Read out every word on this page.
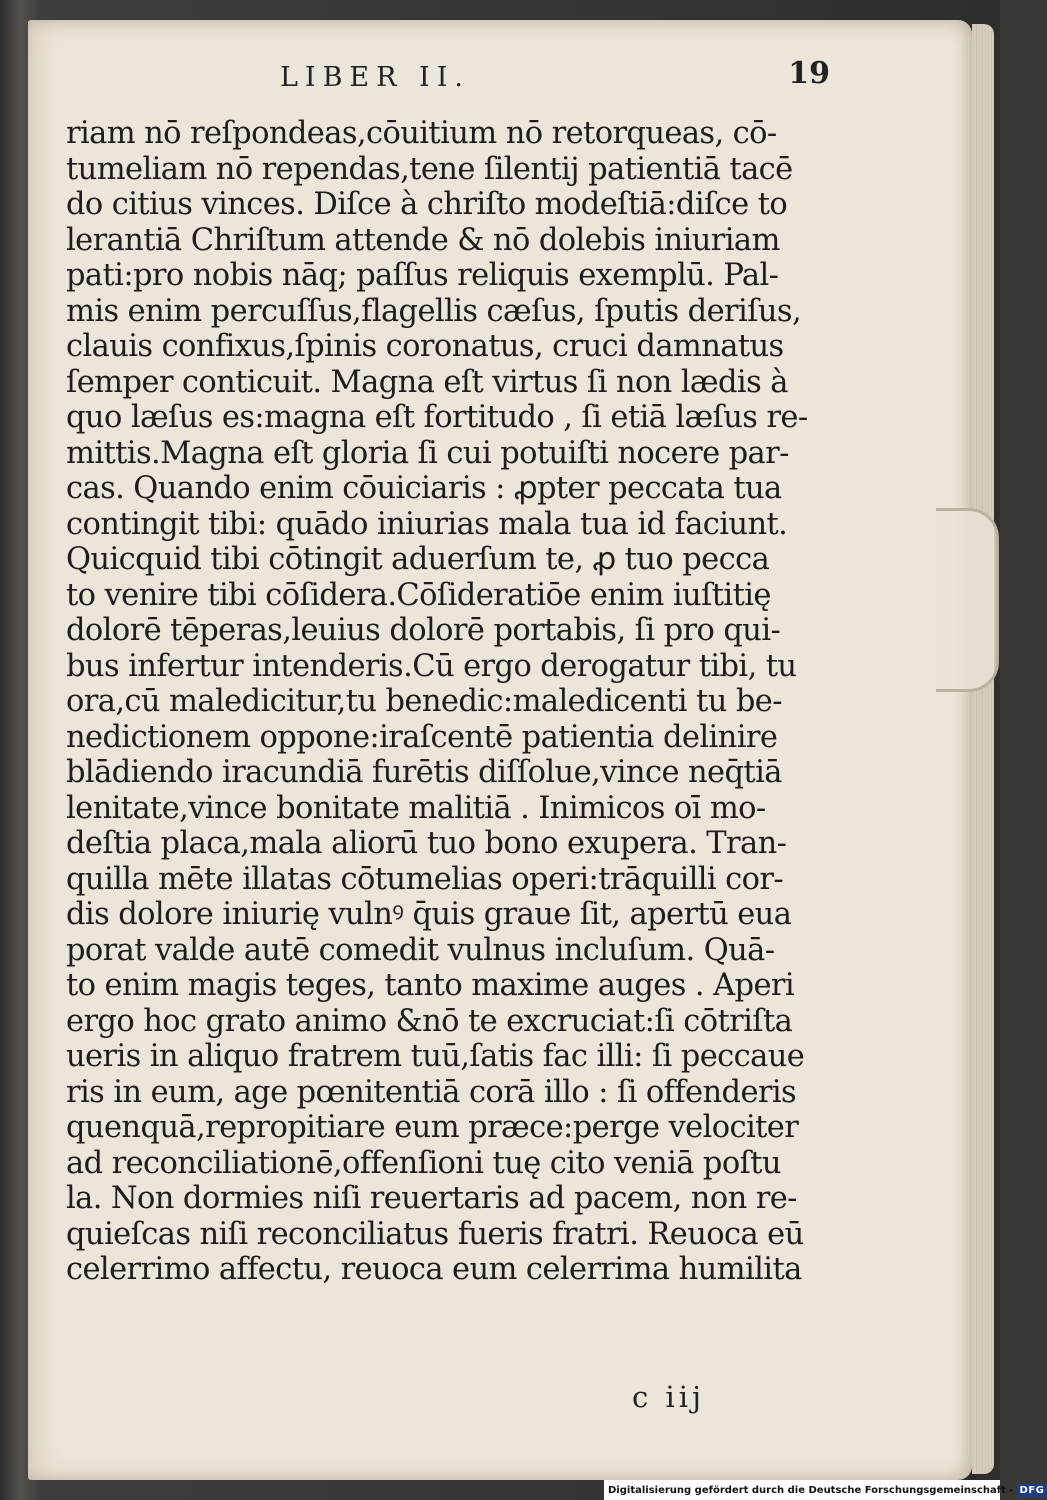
LIBER II.	19
riam nō reſpondeas,cōuitium nō retorqueas, cō-
tumeliam nō rependas,tene ſilentij patientiā tacē
do citius vinces. Diſce à chriſto modeſtiā:diſce to
lerantiā Chriſtum attende & nō dolebis iniuriam
pati:pro nobis nāq; paſſus reliquis exemplū. Pal-
mis enim percuſſus,flagellis cæſus, ſputis deriſus,
clauis confixus,ſpinis coronatus, cruci damnatus
ſemper conticuit. Magna eſt virtus ſi non lædis à
quo læſus es:magna eſt fortitudo , ſi etiā læſus re-
mittis.Magna eſt gloria ſi cui potuiſti nocere par-
cas. Quando enim cōuiciaris : ꝓpter peccata tua
contingit tibi: quādo iniurias mala tua id faciunt.
Quicquid tibi cōtingit aduerſum te, ꝓ tuo pecca
to venire tibi cōſidera.Cōſideratiōe enim iuſtitię
dolorē tēperas,leuius dolorē portabis, ſi pro qui-
bus infertur intenderis.Cū ergo derogatur tibi, tu
ora,cū maledicitur,tu benedic:maledicenti tu be-
nedictionem oppone:iraſcentē patientia delinire
blādiendo iracundiā furētis diſſolue,vince neq̄tiā
lenitate,vince bonitate malitiā . Inimicos oī mo-
deſtia placa,mala aliorū tuo bono exupera. Tran-
quilla mēte illatas cōtumelias operi:trāquilli cor-
dis dolore iniurię vulnꝰ q̄uis graue ſit, apertū eua
porat valde autē comedit vulnus incluſum. Quā-
to enim magis teges, tanto maxime auges . Aperi
ergo hoc grato animo &nō te excruciat:ſi cōtriſta
ueris in aliquo fratrem tuū,ſatis fac illi: ſi peccaue
ris in eum, age pœnitentiā corā illo : ſi offenderis
quenquā,repropitiare eum præce:perge velociter
ad reconciliationē,offenſioni tuę cito veniā poſtu
la. Non dormies niſi reuertaris ad pacem, non re-
quieſcas niſi reconciliatus fueris fratri. Reuoca eū
celerrimo affectu, reuoca eum celerrima humilita
c iij
Digitalisierung gefördert durch die Deutsche Forschungsgemeinschaft - DFG
